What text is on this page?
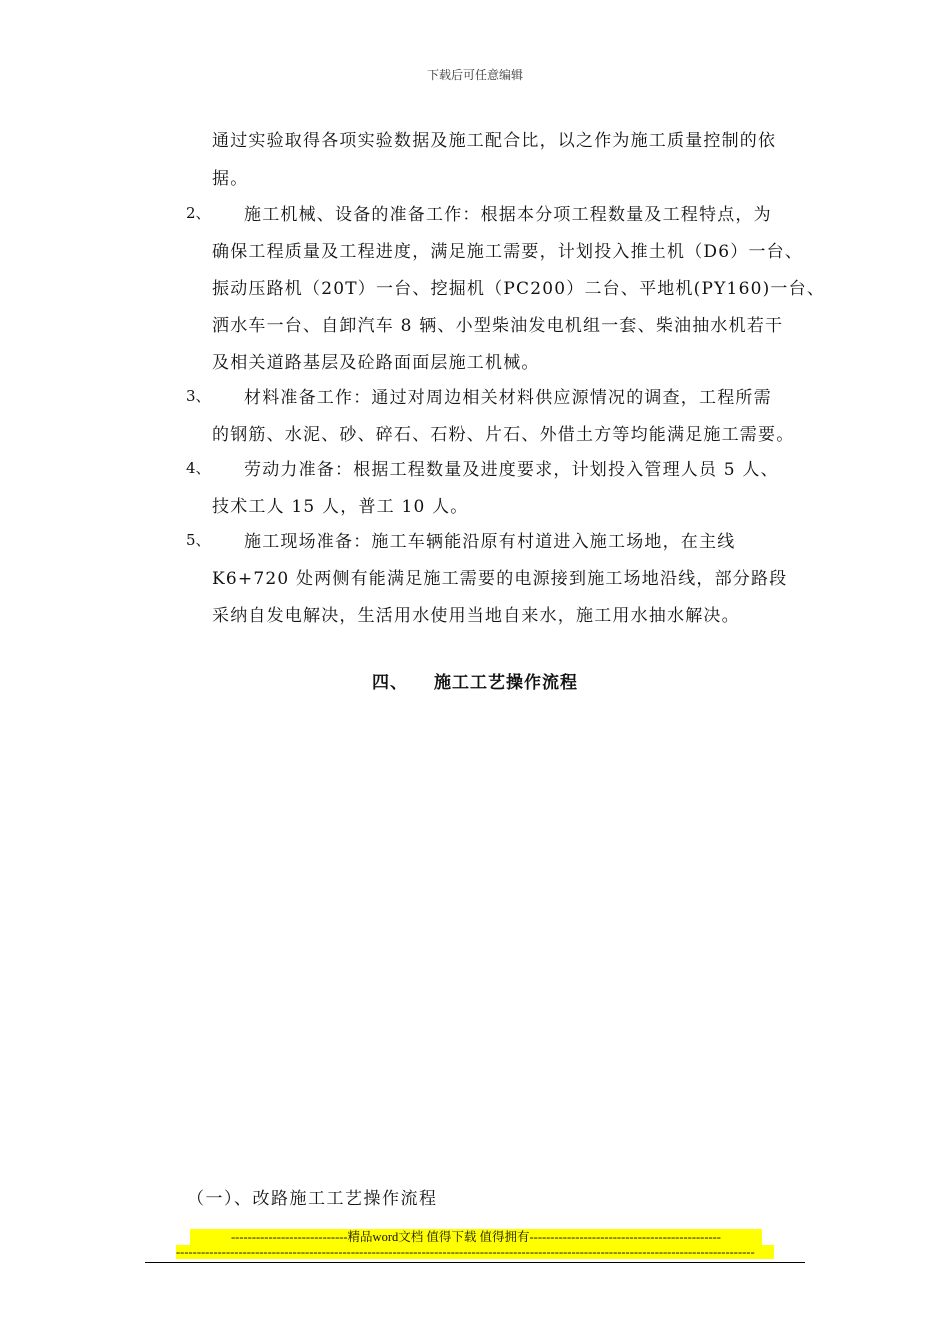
下载后可任意编辑
通过实验取得各项实验数据及施工配合比，以之作为施工质量控制的依
据。
2、 施工机械、设备的准备工作：根据本分项工程数量及工程特点，为
确保工程质量及工程进度，满足施工需要，计划投入推土机（D6）一台、
振动压路机（20T）一台、挖掘机（PC200）二台、平地机(PY160)一台、
洒水车一台、自卸汽车 8 辆、小型柴油发电机组一套、柴油抽水机若干
及相关道路基层及砼路面面层施工机械。
3、 材料准备工作：通过对周边相关材料供应源情况的调查，工程所需
的钢筋、水泥、砂、碎石、石粉、片石、外借土方等均能满足施工需要。
4、 劳动力准备：根据工程数量及进度要求，计划投入管理人员 5 人、
技术工人 15 人，普工 10 人。
5、 施工现场准备：施工车辆能沿原有村道进入施工场地，在主线
K6+720 处两侧有能满足施工需要的电源接到施工场地沿线，部分路段
采纳自发电解决，生活用水使用当地自来水，施工用水抽水解决。
四、 施工工艺操作流程
（一）、改路施工工艺操作流程
----------------------------精品word文档 值得下载 值得拥有----------------------------------------------
-------------------------------------------------------------------------------------------------------------------------------------------
